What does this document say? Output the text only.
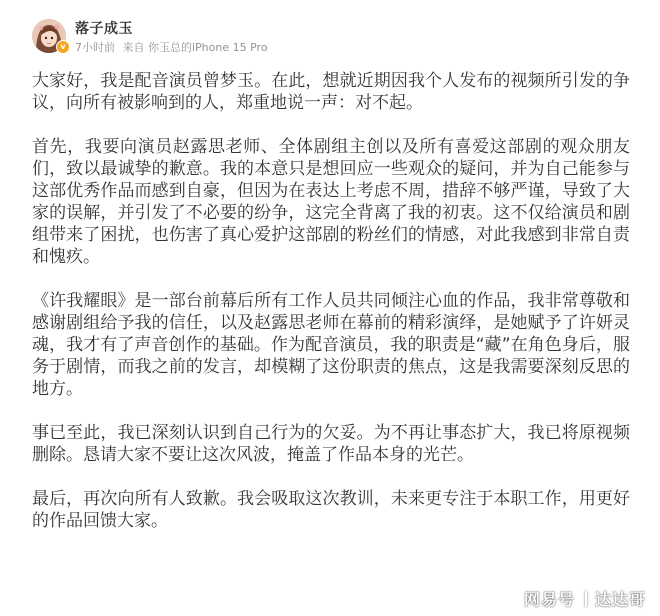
v
落子成玉
7小时前 来自 你玉总的iPhone 15 Pro

大家好，我是配音演员曾梦玉。在此，想就近期因我个人发布的视频所引发的争议，向所有被影响到的人，郑重地说一声：对不起。

首先，我要向演员赵露思老师、全体剧组主创以及所有喜爱这部剧的观众朋友们，致以最诚挚的歉意。我的本意只是想回应一些观众的疑问，并为自己能参与这部优秀作品而感到自豪，但因为在表达上考虑不周，措辞不够严谨，导致了大家的误解，并引发了不必要的纷争，这完全背离了我的初衷。这不仅给演员和剧组带来了困扰，也伤害了真心爱护这部剧的粉丝们的情感，对此我感到非常自责和愧疚。

《许我耀眼》是一部台前幕后所有工作人员共同倾注心血的作品，我非常尊敬和感谢剧组给予我的信任，以及赵露思老师在幕前的精彩演绎，是她赋予了许妍灵魂，我才有了声音创作的基础。作为配音演员，我的职责是“藏”在角色身后，服务于剧情，而我之前的发言，却模糊了这份职责的焦点，这是我需要深刻反思的地方。

事已至此，我已深刻认识到自己行为的欠妥。为不再让事态扩大，我已将原视频删除。恳请大家不要让这次风波，掩盖了作品本身的光芒。

最后，再次向所有人致歉。我会吸取这次教训，未来更专注于本职工作，用更好的作品回馈大家。

网易号 达达哥
